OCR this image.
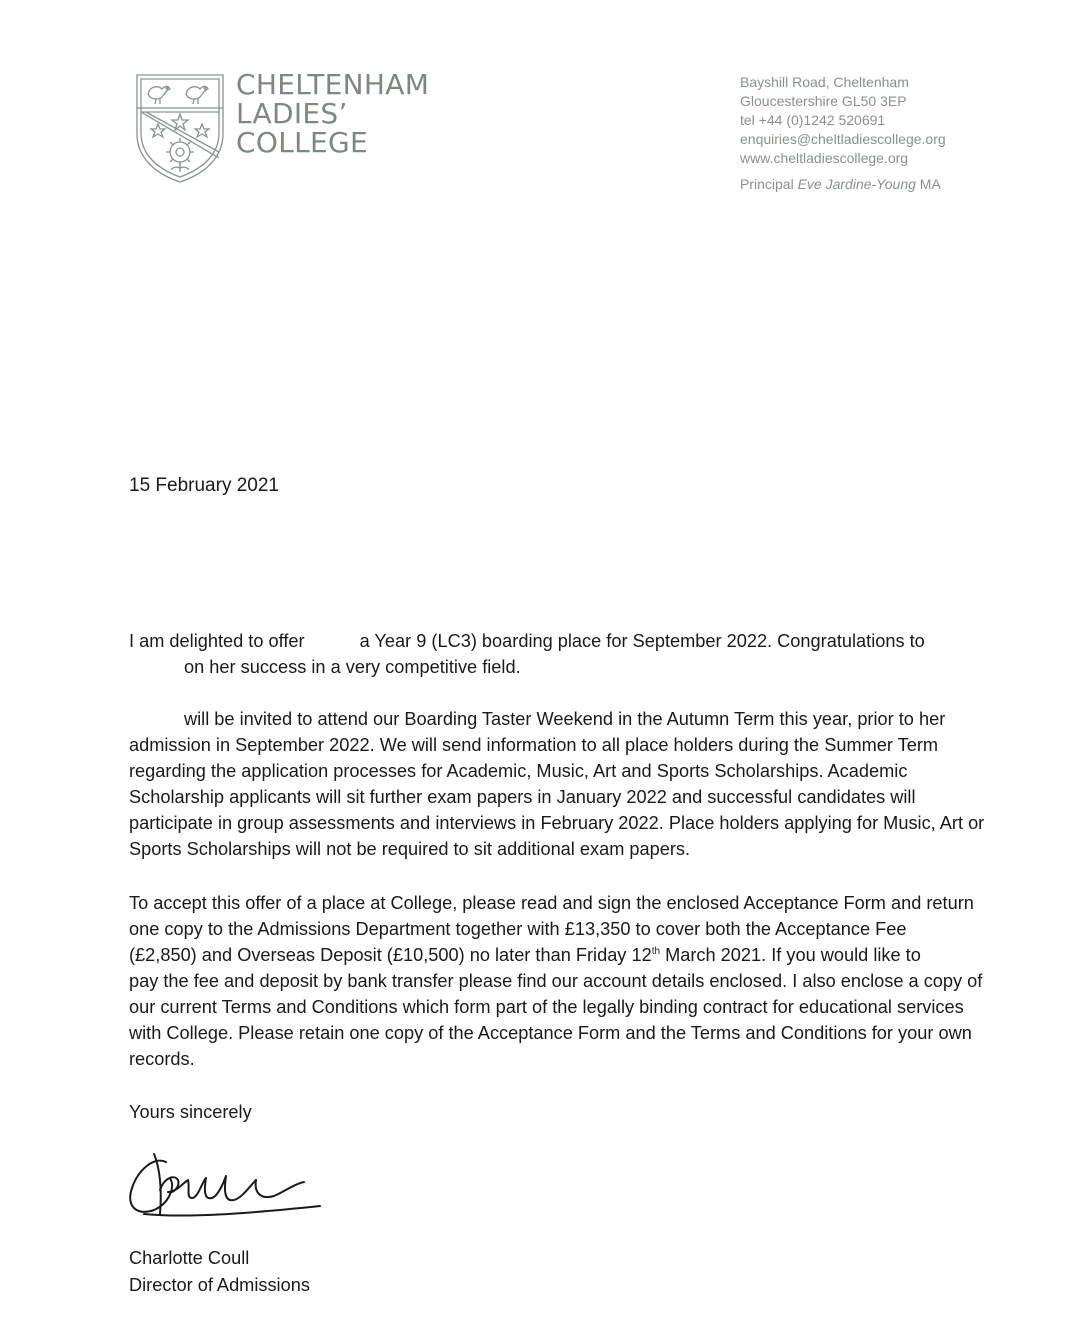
CHELTENHAM
LADIES’
COLLEGE
Bayshill Road, Cheltenham
Gloucestershire GL50 3EP
tel +44 (0)1242 520691
enquiries@cheltladiescollege.org
www.cheltladiescollege.org
Principal Eve Jardine-Young MA
15 February 2021
I am delighted to offer	a Year 9 (LC3) boarding place for September 2022. Congratulations to
on her success in a very competitive field.
will be invited to attend our Boarding Taster Weekend in the Autumn Term this year, prior to her
admission in September 2022. We will send information to all place holders during the Summer Term
regarding the application processes for Academic, Music, Art and Sports Scholarships. Academic
Scholarship applicants will sit further exam papers in January 2022 and successful candidates will
participate in group assessments and interviews in February 2022. Place holders applying for Music, Art or
Sports Scholarships will not be required to sit additional exam papers.
To accept this offer of a place at College, please read and sign the enclosed Acceptance Form and return
one copy to the Admissions Department together with £13,350 to cover both the Acceptance Fee
(£2,850) and Overseas Deposit (£10,500) no later than Friday 12th March 2021. If you would like to
pay the fee and deposit by bank transfer please find our account details enclosed. I also enclose a copy of
our current Terms and Conditions which form part of the legally binding contract for educational services
with College. Please retain one copy of the Acceptance Form and the Terms and Conditions for your own
records.
Yours sincerely
Charlotte Coull
Director of Admissions
